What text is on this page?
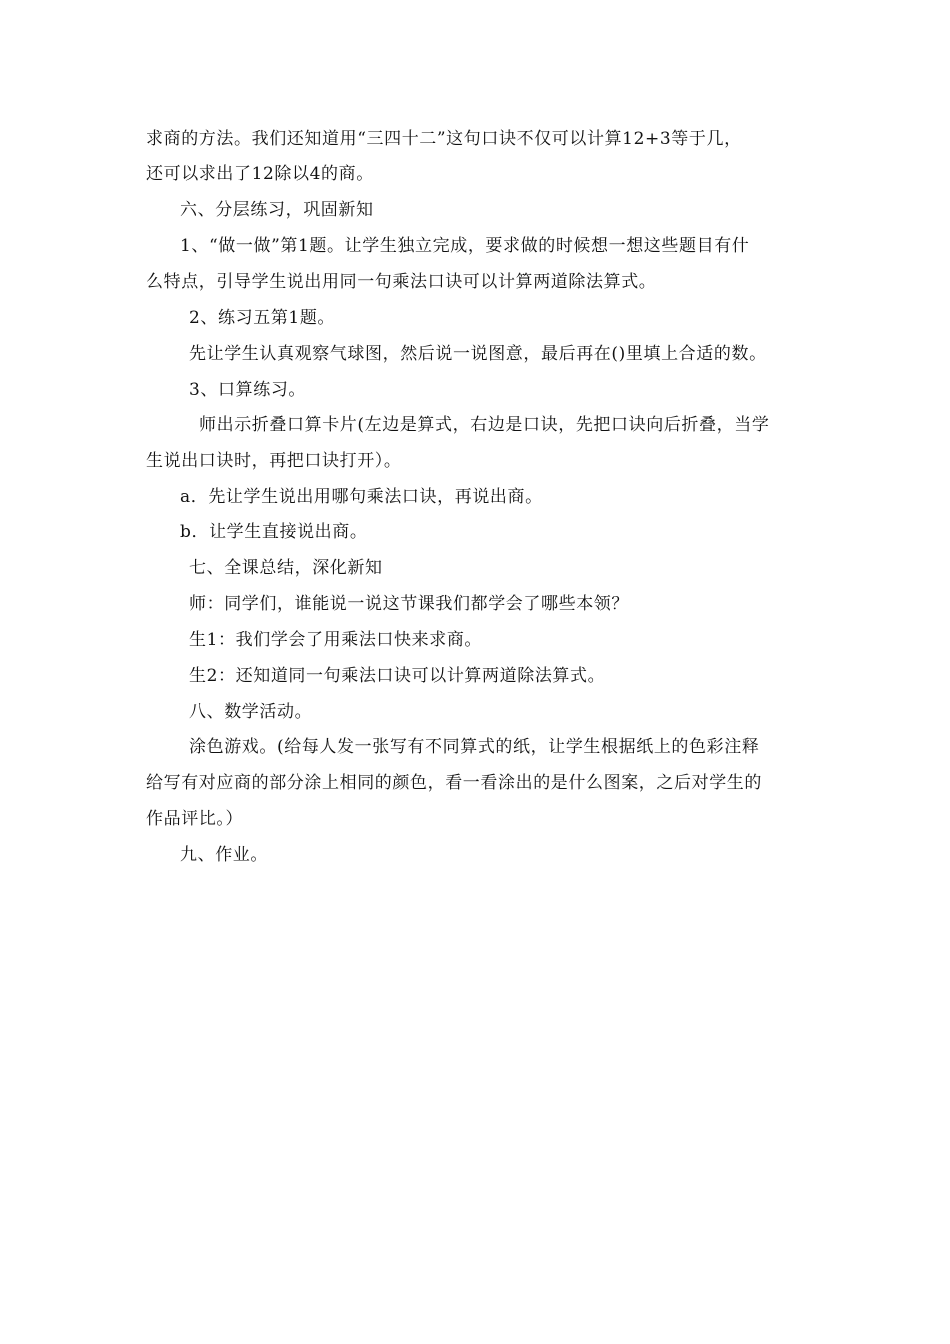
求商的方法。我们还知道用“三四十二”这句口诀不仅可以计算12+3等于几，
还可以求出了12除以4的商。
六、分层练习，巩固新知
1、“做一做”第1题。让学生独立完成，要求做的时候想一想这些题目有什
么特点，引导学生说出用同一句乘法口诀可以计算两道除法算式。
2、练习五第1题。
先让学生认真观察气球图，然后说一说图意，最后再在()里填上合适的数。
3、口算练习。
师出示折叠口算卡片(左边是算式，右边是口诀，先把口诀向后折叠，当学
生说出口诀时，再把口诀打开）。
a．先让学生说出用哪句乘法口诀，再说出商。
b．让学生直接说出商。
七、全课总结，深化新知
师：同学们，谁能说一说这节课我们都学会了哪些本领？
生1：我们学会了用乘法口快来求商。
生2：还知道同一句乘法口诀可以计算两道除法算式。
八、数学活动。
涂色游戏。(给每人发一张写有不同算式的纸，让学生根据纸上的色彩注释
给写有对应商的部分涂上相同的颜色，看一看涂出的是什么图案，之后对学生的
作品评比。）
九、作业。
